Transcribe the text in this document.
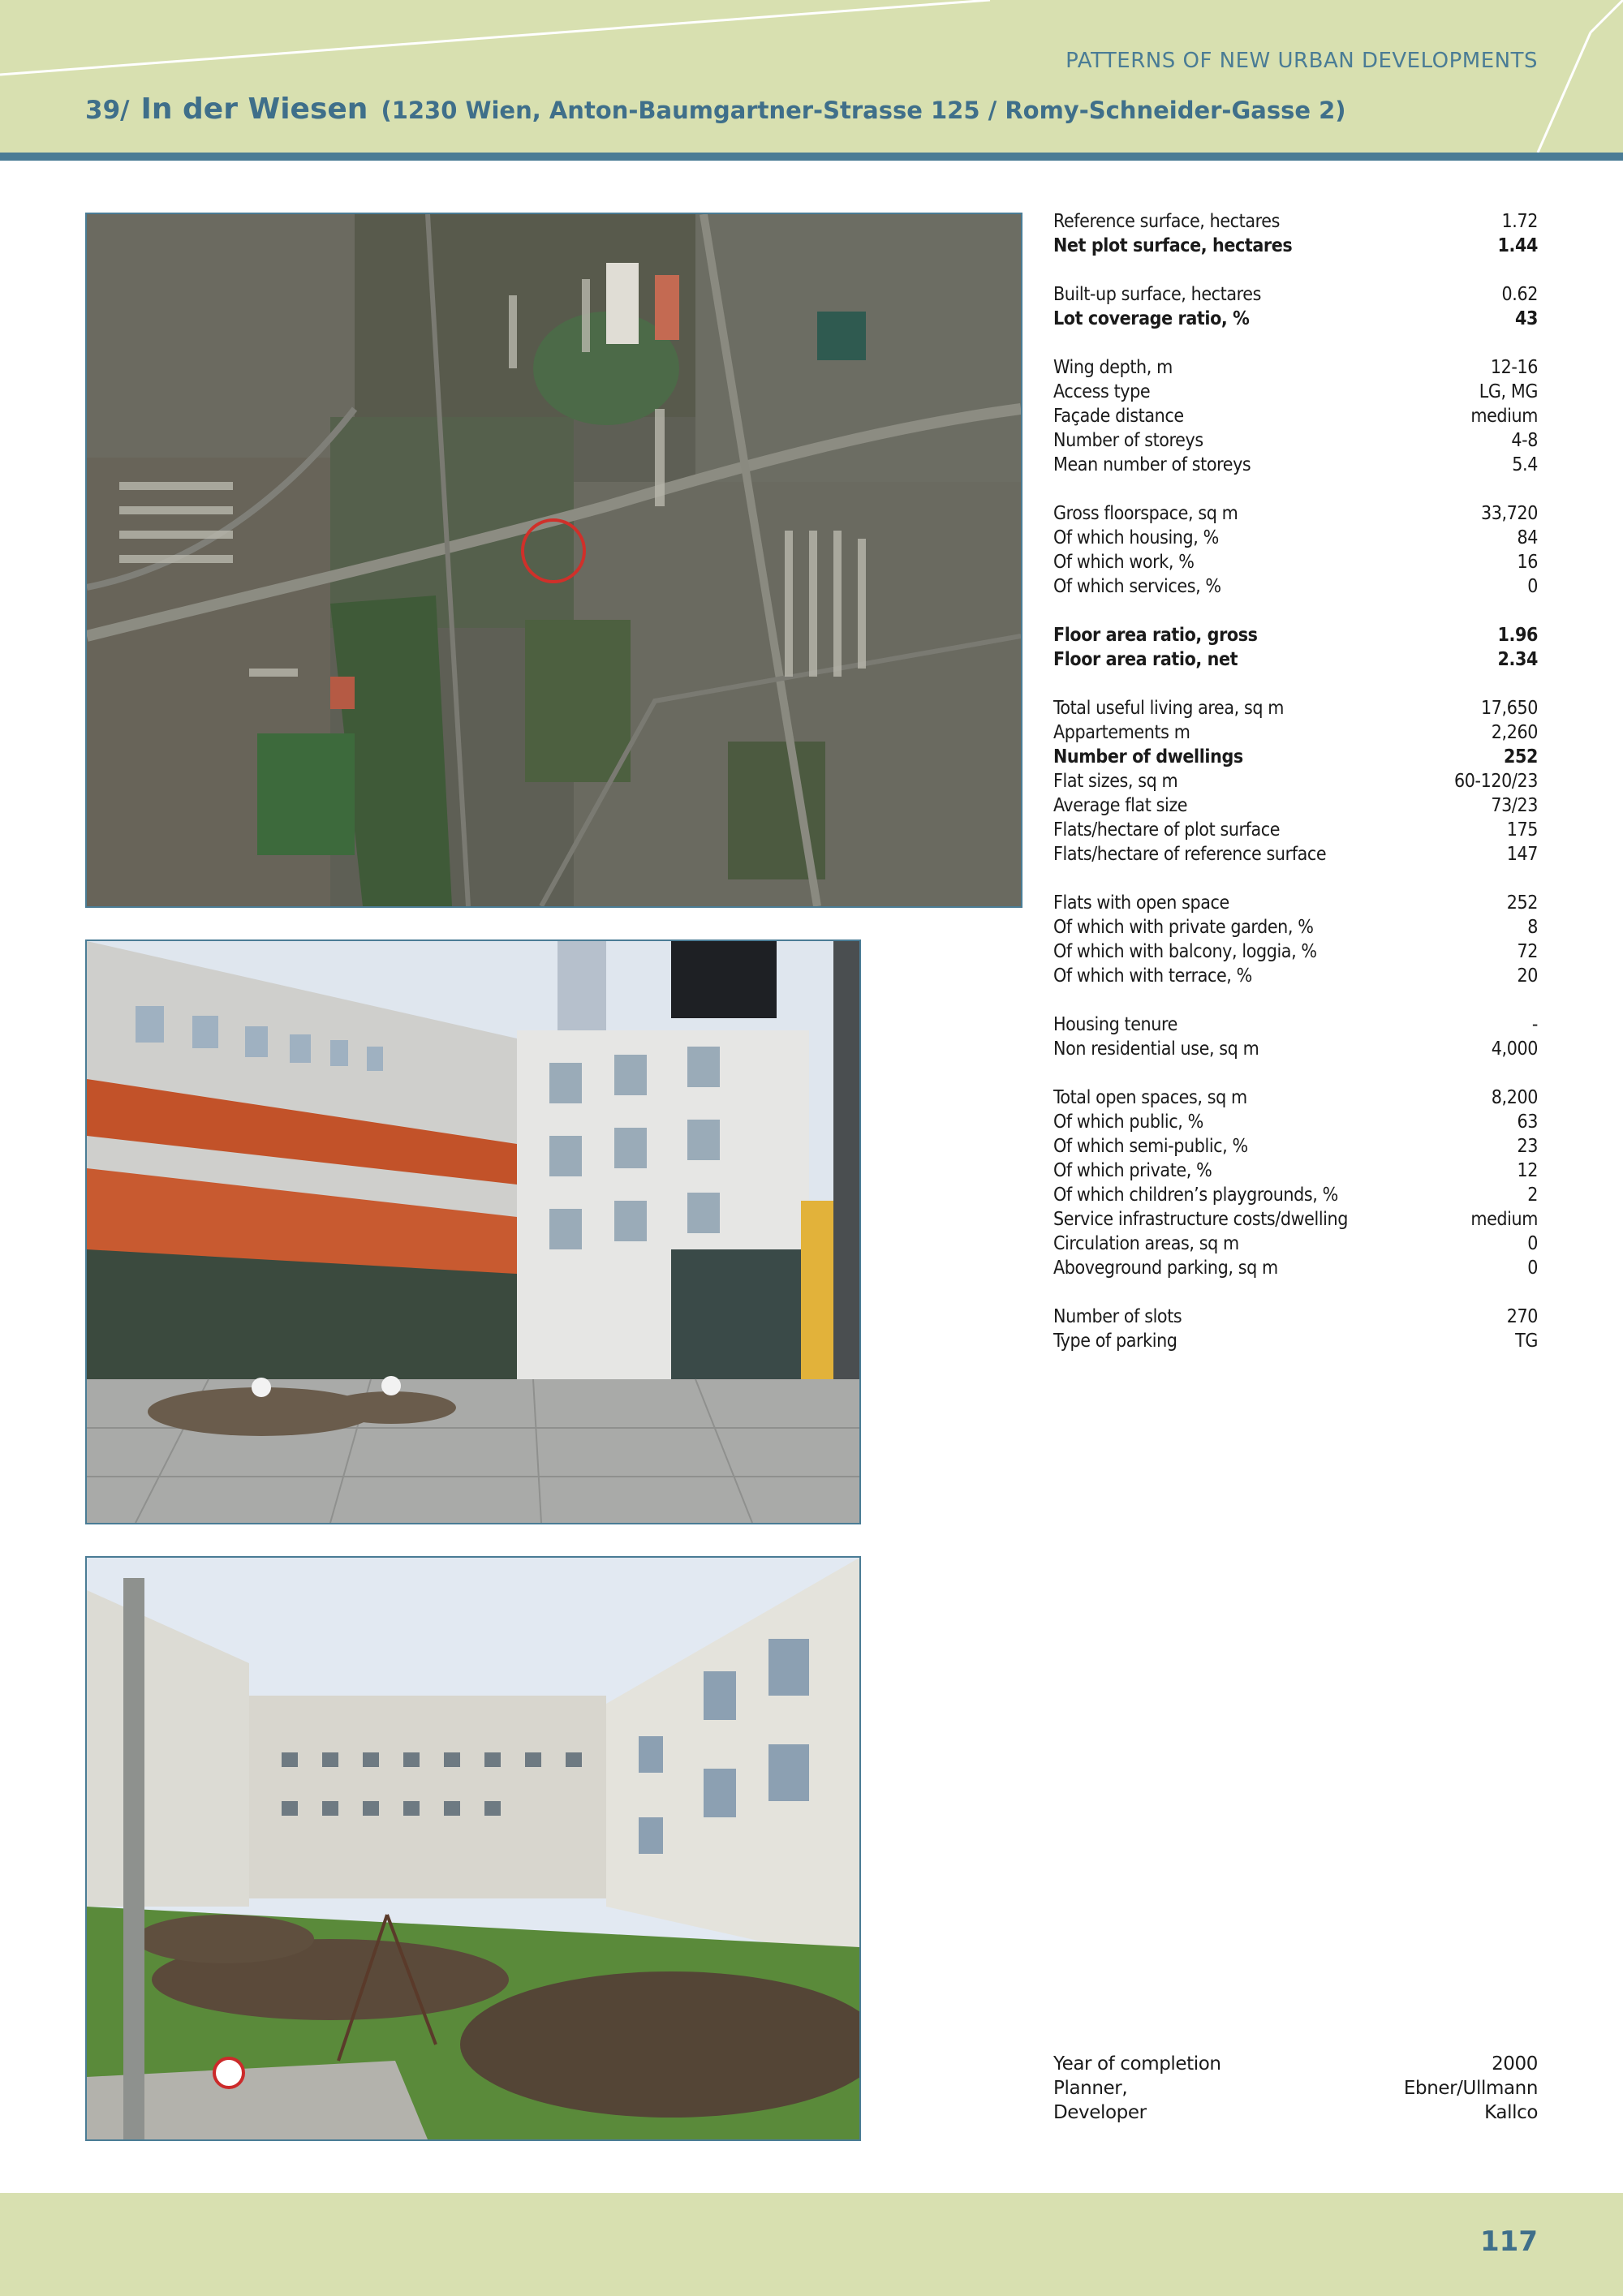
PATTERNS OF NEW URBAN DEVELOPMENTS
39/ In der Wiesen (1230 Wien, Anton-Baumgartner-Strasse 125 / Romy-Schneider-Gasse 2)
Reference surface, hectares	1.72
Net plot surface, hectares	1.44
Built-up surface, hectares	0.62
Lot coverage ratio, %	43
Wing depth, m	12-16
Access type	LG, MG
Façade distance	medium
Number of storeys	4-8
Mean number of storeys	5.4
Gross floorspace, sq m	33,720
Of which housing, %	84
Of which work, %	16
Of which services, %	0
Floor area ratio, gross	1.96
Floor area ratio, net	2.34
Total useful living area, sq m	17,650
Appartements m	2,260
Number of dwellings	252
Flat sizes, sq m	60-120/23
Average flat size	73/23
Flats/hectare of plot surface	175
Flats/hectare of reference surface	147
Flats with open space	252
Of which with private garden, %	8
Of which with balcony, loggia, %	72
Of which with terrace, %	20
Housing tenure	-
Non residential use, sq m	4,000
Total open spaces, sq m	8,200
Of which public, %	63
Of which semi-public, %	23
Of which private, %	12
Of which children’s playgrounds, %	2
Service infrastructure costs/dwelling	medium
Circulation areas, sq m	0
Aboveground parking, sq m	0
Number of slots	270
Type of parking	TG
Year of completion	2000
Planner,	Ebner/Ullmann
Developer	Kallco
117
